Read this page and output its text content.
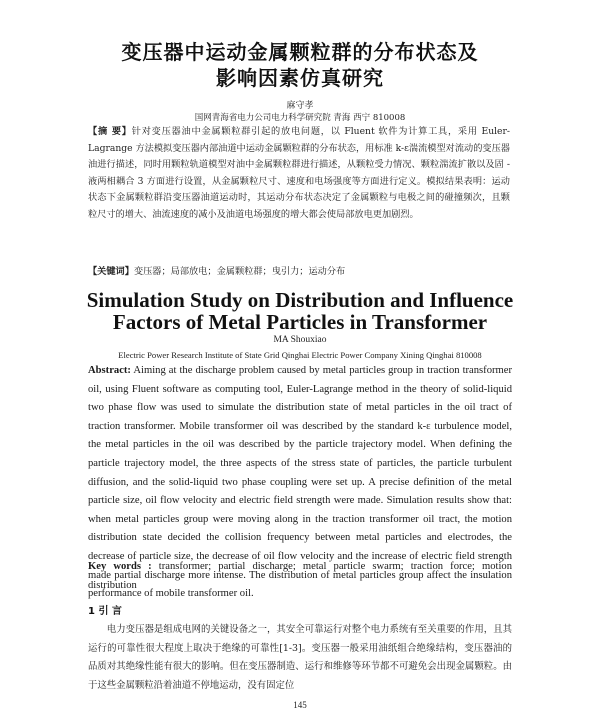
变压器中运动金属颗粒群的分布状态及
影响因素仿真研究
麻守孝
国网青海省电力公司电力科学研究院 青海 西宁 810008
【摘 要】针对变压器油中金属颗粒群引起的放电问题，以 Fluent 软件为计算工具，采用 Euler-Lagrange 方法模拟变压器内部油道中运动金属颗粒群的分布状态，用标准 k-ε湍流模型对流动的变压器油进行描述，同时用颗粒轨道模型对油中金属颗粒群进行描述，从颗粒受力情况、颗粒湍流扩散以及固 - 液两相耦合 3 方面进行设置，从金属颗粒尺寸、速度和电场强度等方面进行定义。模拟结果表明：运动状态下金属颗粒群沿变压器油道运动时，其运动分布状态决定了金属颗粒与电极之间的碰撞频次，且颗粒尺寸的增大、油流速度的减小及油道电场强度的增大都会使局部放电更加剧烈。
【关键词】变压器；局部放电；金属颗粒群；曳引力；运动分布
Simulation Study on Distribution and Influence
Factors of Metal Particles in Transformer
MA Shouxiao
Electric Power Research Institute of State Grid Qinghai Electric Power Company Xining Qinghai 810008
Abstract: Aiming at the discharge problem caused by metal particles group in traction transformer oil, using Fluent software as computing tool, Euler-Lagrange method in the theory of solid-liquid two phase flow was used to simulate the distribution state of metal particles in the oil tract of traction transformer. Mobile transformer oil was described by the standard k-ε turbulence model, the metal particles in the oil was described by the particle trajectory model. When defining the particle trajectory model, the three aspects of the stress state of particles, the particle turbulent diffusion, and the solid-liquid two phase coupling were set up. A precise definition of the metal particle size, oil flow velocity and electric field strength were made. Simulation results show that: when metal particles group were moving along in the traction transformer oil tract, the motion distribution state decided the collision frequency between metal particles and electrodes, the decrease of particle size, the decrease of oil flow velocity and the increase of electric field strength made partial discharge more intense. The distribution of metal particles group affect the insulation performance of mobile transformer oil.
Key words : transformer; partial discharge; metal particle swarm; traction force; motion distribution
1 引 言
电力变压器是组成电网的关键设备之一，其安全可靠运行对整个电力系统有至关重要的作用，且其运行的可靠性很大程度上取决于绝缘的可靠性[1-3]。变压器一般采用油纸组合绝缘结构，变压器油的品质对其绝缘性能有很大的影响。但在变压器制造、运行和维修等环节都不可避免会出现金属颗粒。由于这些金属颗粒沿着油道不停地运动，没有固定位
145
